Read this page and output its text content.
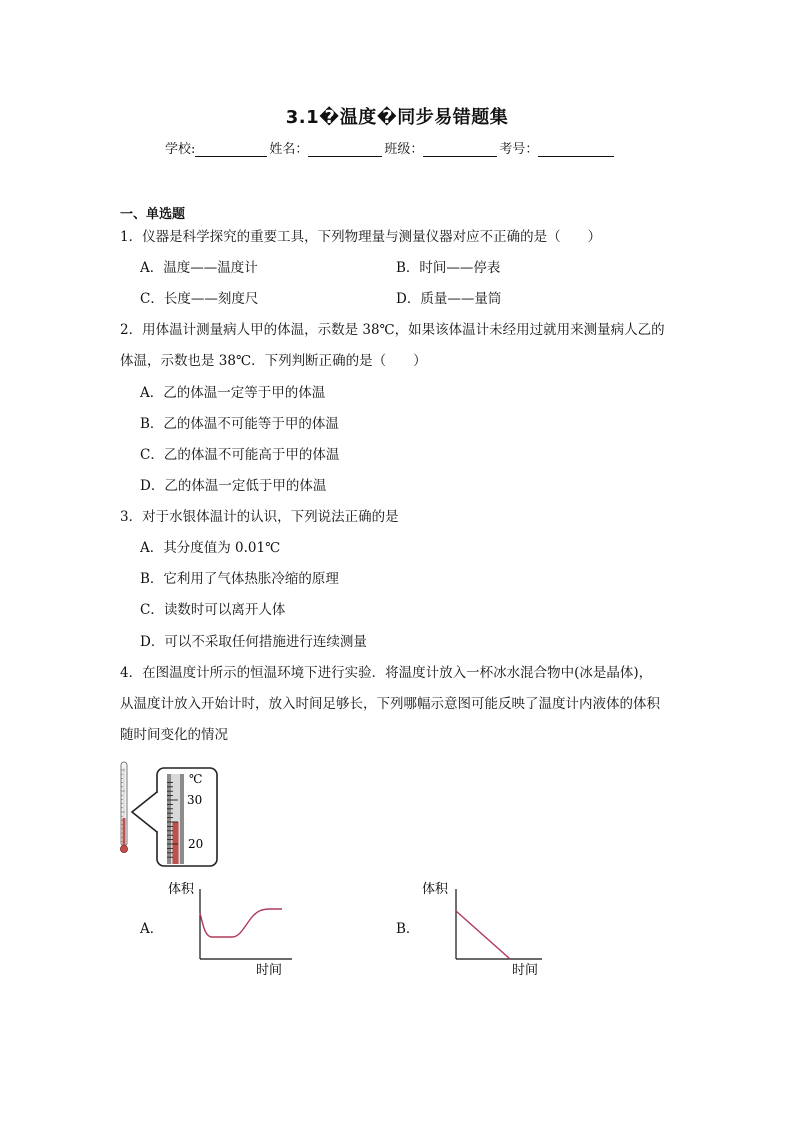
3.1�温度�同步易错题集
学校:	姓名：	班级：	考号：
一、单选题
1．仪器是科学探究的重要工具，下列物理量与测量仪器对应不正确的是（　　）
A．温度——温度计	B．时间——停表
C．长度——刻度尺	D．质量——量筒
2．用体温计测量病人甲的体温，示数是 38℃，如果该体温计未经用过就用来测量病人乙的
体温，示数也是 38℃．下列判断正确的是（　　）
A．乙的体温一定等于甲的体温
B．乙的体温不可能等于甲的体温
C．乙的体温不可能高于甲的体温
D．乙的体温一定低于甲的体温
3．对于水银体温计的认识，下列说法正确的是
A．其分度值为 0.01℃
B．它利用了气体热胀冷缩的原理
C．读数时可以离开人体
D．可以不采取任何措施进行连续测量
4．在图温度计所示的恒温环境下进行实验．将温度计放入一杯冰水混合物中(冰是晶体)，
从温度计放入开始计时，放入时间足够长，下列哪幅示意图可能反映了温度计内液体的体积
随时间变化的情况
℃
30
20
A．
体积
时间
B．
体积
时间
